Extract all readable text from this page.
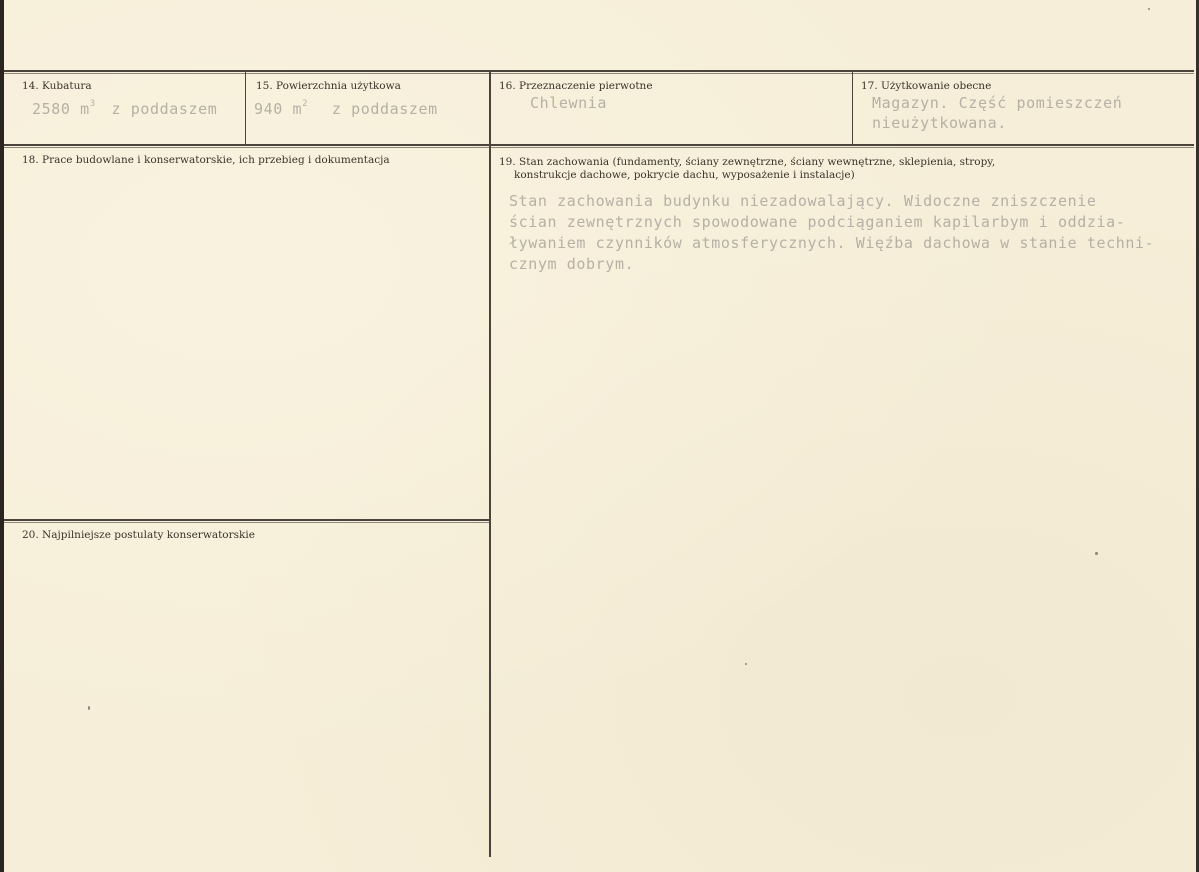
14. Kubatura
2580 $m^3$ z poddaszem
15. Powierzchnia użytkowa
940 $m^2$ z poddaszem
16. Przeznaczenie pierwotne
Chlewnia
17. Użytkowanie obecne
Magazyn. Część pomieszczeń
nieużytkowana.
18. Prace budowlane i konserwatorskie, ich przebieg i dokumentacja	19. Stan zachowania (fundamenty, ściany zewnętrzne, ściany wewnętrzne, sklepienia, stropy,
konstrukcje dachowe, pokrycie dachu, wyposażenie i instalacje)
Stan zachowania budynku niezadowalający. Widoczne zniszczenie
ścian zewnętrznych spowodowane podciąganiem kapilarbym i oddzia-
ływaniem czynników atmosferycznych. Więźba dachowa w stanie techni-
cznym dobrym.
20. Najpilniejsze postulaty konserwatorskie
